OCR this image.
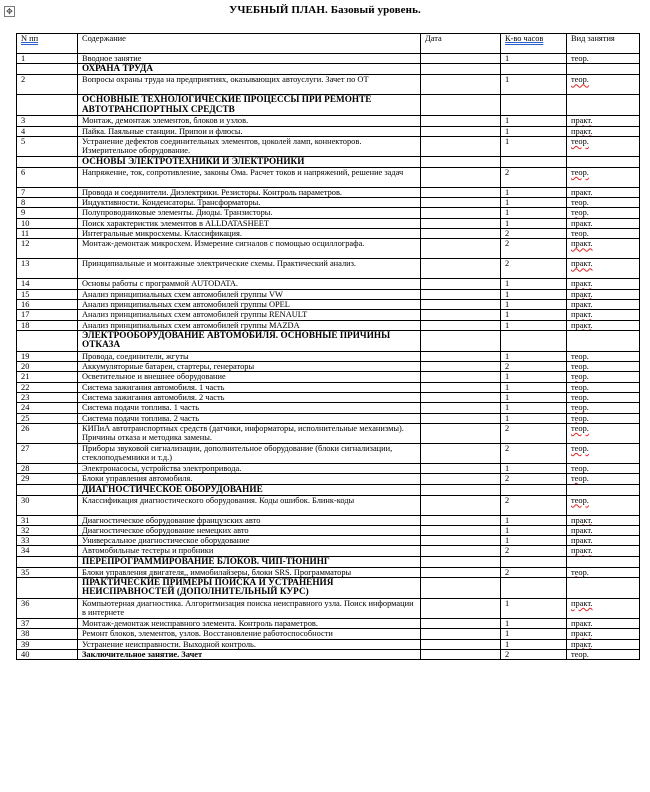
✥	УЧЕБНЫЙ ПЛАН. Базовый уровень.
N пп	Содержание	Дата	К-во часов	Вид занятия
1	Вводное занятие		1	теор.
	ОХРАНА ТРУДА			
2	Вопросы охраны труда на предприятиях, оказывающих автоуслуги. Зачет по ОТ		1	теор.
	ОСНОВНЫЕ ТЕХНОЛОГИЧЕСКИЕ ПРОЦЕССЫ ПРИ РЕМОНТЕ АВТОТРАНСПОРТНЫХ СРЕДСТВ			
3	Монтаж, демонтаж элементов, блоков и узлов.		1	практ.
4	Пайка. Паяльные станции. Припои и флюсы.		1	практ.
5	Устранение дефектов соединительных элементов, цоколей ламп, коннекторов. Измерительное оборудование.		1	теор.
	ОСНОВЫ ЭЛЕКТРОТЕХНИКИ И ЭЛЕКТРОНИКИ			
6	Напряжение, ток, сопротивление, законы Ома. Расчет токов и напряжений, решение задач		2	теор.
7	Провода и соединители. Диэлектрики. Резисторы. Контроль параметров.		1	практ.
8	Индуктивности. Конденсаторы. Трансформаторы.		1	теор.
9	Полупроводниковые элементы. Диоды. Транзисторы.		1	теор.
10	Поиск характеристик элементов в ALLDATASHEET		1	практ.
11	Интегральные микросхемы. Классификация.		2	теор.
12	Монтаж-демонтаж микросхем. Измерение сигналов с помощью осциллографа.		2	практ.
13	Принципиальные и монтажные электрические схемы. Практический анализ.		2	практ.
14	Основы работы с программой AUTODATA.		1	практ.
15	Анализ принципиальных схем автомобилей группы VW		1	практ.
16	Анализ принципиальных схем автомобилей группы OPEL		1	практ.
17	Анализ принципиальных схем автомобилей группы RENAULT		1	практ.
18	Анализ принципиальных схем автомобилей группы MAZDA		1	практ.
	ЭЛЕКТРООБОРУДОВАНИЕ АВТОМОБИЛЯ. ОСНОВНЫЕ ПРИЧИНЫ ОТКАЗА			
19	Провода, соединители, жгуты		1	теор.
20	Аккумуляторные батареи, стартеры, генераторы		2	теор.
21	Осветительное и внешнее оборудование		1	теор.
22	Система зажигания автомобиля. 1 часть		1	теор.
23	Система зажигания автомобиля. 2 часть		1	теор.
24	Система подачи топлива. 1 часть		1	теор.
25	Система подачи топлива. 2 часть		1	теор.
26	КИПиА автотранспортных средств (датчики, информаторы, исполнительные механизмы). Причины отказа и методика замены.		2	теор.
27	Приборы звуковой сигнализации, дополнительное оборудование (блоки сигнализации, стеклоподъемники и т.д.)		2	теор.
28	Электронасосы, устройства электропривода.		1	теор.
29	Блоки управления автомобиля.		2	теор.
	ДИАГНОСТИЧЕСКОЕ ОБОРУДОВАНИЕ			
30	Классификация диагностического оборудования. Коды ошибок. Блинк-коды		2	теор.
31	Диагностическое оборудование французских авто		1	практ.
32	Диагностическое оборудование немецких авто		1	практ.
33	Универсальное диагностическое оборудование		1	практ.
34	Автомобильные тестеры и пробники		2	практ.
	ПЕРЕПРОГРАММИРОВАНИЕ БЛОКОВ. ЧИП-ТЮНИНГ			
35	Блоки управления двигателя,, иммобилайзеры, блоки SRS. Программаторы		2	теор.
	ПРАКТИЧЕСКИЕ ПРИМЕРЫ ПОИСКА И УСТРАНЕНИЯ НЕИСПРАВНОСТЕЙ (ДОПОЛНИТЕЛЬНЫЙ КУРС)			
36	Компьютерная диагностика. Алгоритмизация поиска неисправного узла. Поиск информации в интернете		1	практ.
37	Монтаж-демонтаж неисправного элемента. Контроль параметров.		1	практ.
38	Ремонт блоков, элементов, узлов. Восстановление работоспособности		1	практ.
39	Устранение неисправности. Выходной контроль.		1	практ.
40	Заключительное занятие. Зачет		2	теор.
